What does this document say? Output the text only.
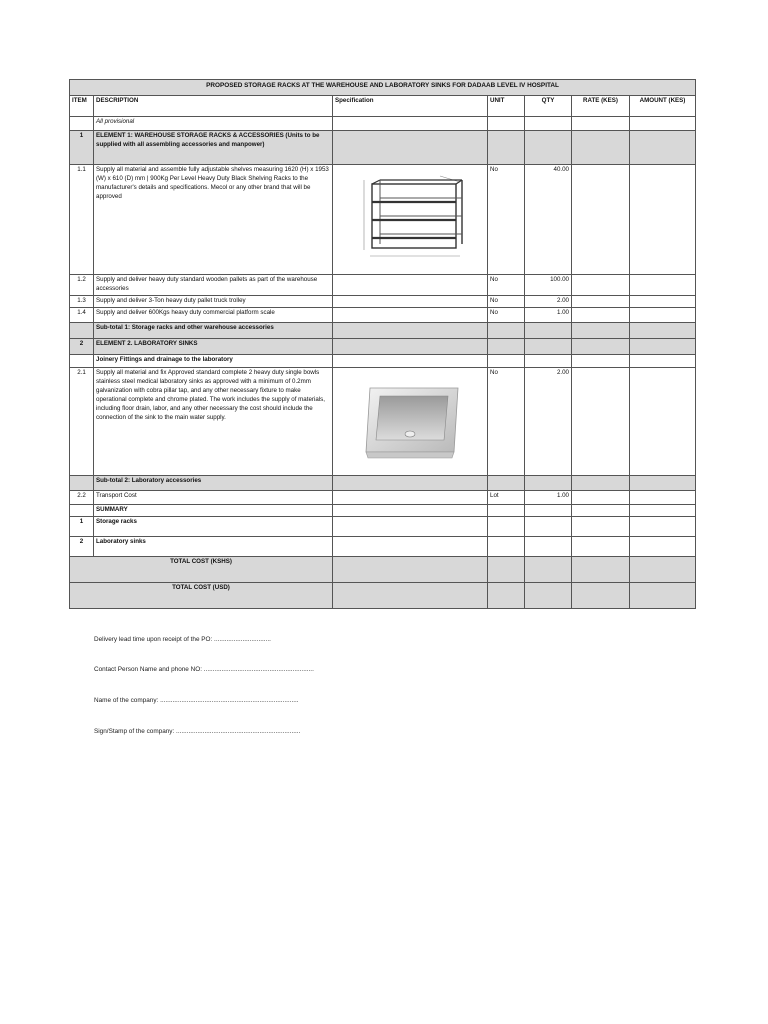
PROPOSED STORAGE RACKS AT THE WAREHOUSE AND LABORATORY SINKS FOR DADAAB LEVEL IV HOSPITAL						
ITEM	DESCRIPTION	Specification	UNIT	QTY	RATE (KES)	AMOUNT (KES)
	All provisional					
1	ELEMENT 1: WAREHOUSE STORAGE RACKS & ACCESSORIES (Units to be supplied with all assembling accessories and manpower)					
1.1	Supply all material and assemble fully adjustable shelves measuring 1620 (H) x 1953 (W) x 610 (D) mm | 900Kg Per Level Heavy Duty Black Shelving Racks to the manufacturer's details and specifications. Mecol or any other brand that will be approved		No	40.00		
1.2	Supply and deliver heavy duty standard wooden pallets as part of the warehouse accessories		No	100.00		
1.3	Supply and deliver 3-Ton heavy duty pallet truck trolley		No	2.00		
1.4	Supply and deliver 600Kgs heavy duty commercial platform scale		No	1.00		
	Sub-total 1: Storage racks and other warehouse accessories					
2	ELEMENT 2. LABORATORY SINKS					
	Joinery Fittings and drainage to the laboratory					
2.1	Supply all material and fix Approved standard complete 2 heavy duty single bowls stainless steel medical laboratory sinks as approved with a minimum of 0.2mm galvanization with cobra pillar tap, and any other necessary fixture to make operational complete and chrome plated. The work includes the supply of materials, including floor drain, labor, and any other necessary the cost should include the connection of the sink to the main water supply.		No	2.00		
	Sub-total 2: Laboratory accessories					
2.2	Transport Cost		Lot	1.00		
	SUMMARY					
1	Storage racks					
2	Laboratory sinks					
TOTAL COST (KSHS)						
TOTAL COST (USD)						
Delivery lead time upon receipt of the PO: ................................
Contact Person Name and phone NO: ..............................................................
Name of the company: ..............................................................................
Sign/Stamp of the company: ......................................................................
